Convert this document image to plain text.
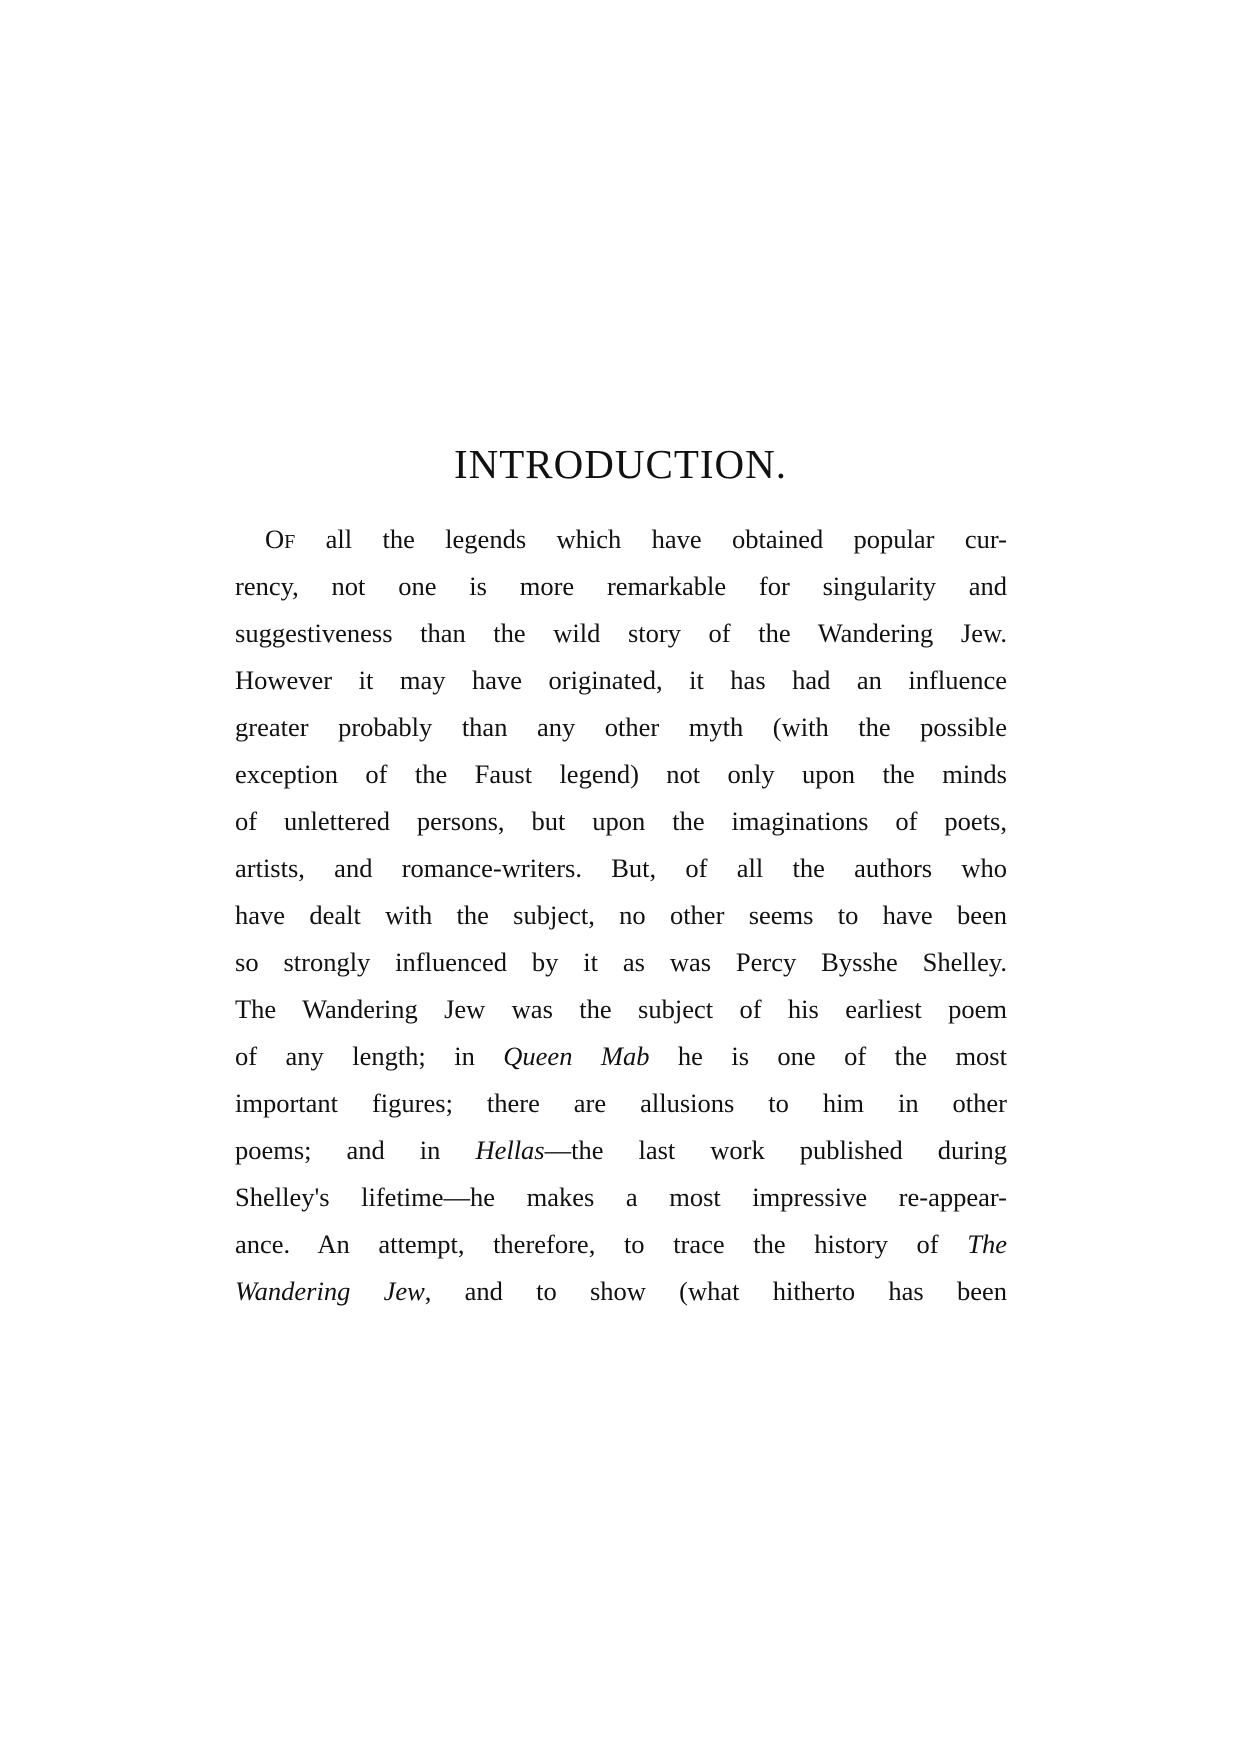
INTRODUCTION.
OF all the legends which have obtained popular cur-
rency, not one is more remarkable for singularity and
suggestiveness than the wild story of the Wandering Jew.
However it may have originated, it has had an influence
greater probably than any other myth (with the possible
exception of the Faust legend) not only upon the minds
of unlettered persons, but upon the imaginations of poets,
artists, and romance-writers. But, of all the authors who
have dealt with the subject, no other seems to have been
so strongly influenced by it as was Percy Bysshe Shelley.
The Wandering Jew was the subject of his earliest poem
of any length; in Queen Mab he is one of the most
important figures; there are allusions to him in other
poems; and in Hellas—the last work published during
Shelley's lifetime—he makes a most impressive re-appear-
ance. An attempt, therefore, to trace the history of The
Wandering Jew, and to show (what hitherto has been
